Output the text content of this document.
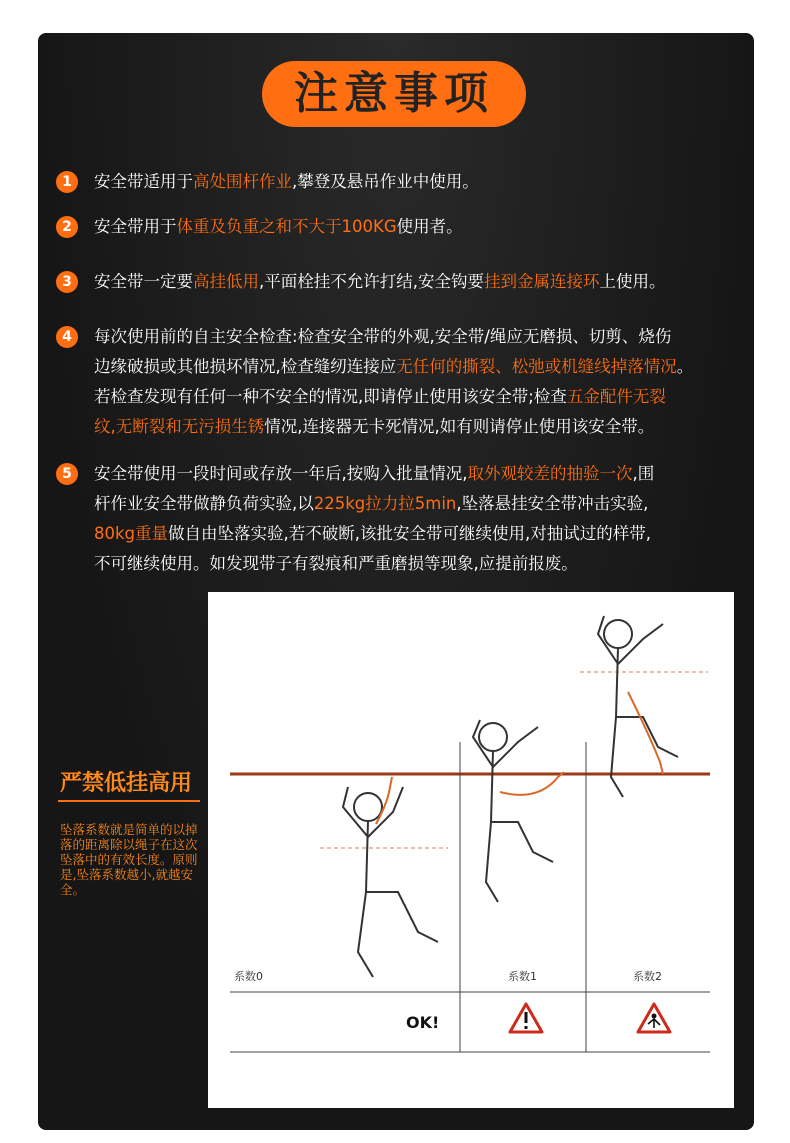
注意事项
1	安全带适用于高处围杆作业,攀登及悬吊作业中使用。
2	安全带用于体重及负重之和不大于100KG使用者。
3	安全带一定要高挂低用,平面栓挂不允许打结,安全钩要挂到金属连接环上使用。
4	每次使用前的自主安全检查:检查安全带的外观,安全带/绳应无磨损、切剪、烧伤
边缘破损或其他损坏情况,检查缝纫连接应无任何的撕裂、松弛或机缝线掉落情况。
若检查发现有任何一种不安全的情况,即请停止使用该安全带;检查五金配件无裂
纹,无断裂和无污损生锈情况,连接器无卡死情况,如有则请停止使用该安全带。
5	安全带使用一段时间或存放一年后,按购入批量情况,取外观较差的抽验一次,围
杆作业安全带做静负荷实验,以225kg拉力拉5min,坠落悬挂安全带冲击实验,
80kg重量做自由坠落实验,若不破断,该批安全带可继续使用,对抽试过的样带,
不可继续使用。如发现带子有裂痕和严重磨损等现象,应提前报废。
严禁低挂高用
坠落系数就是简单的以掉落的距离除以绳子在这次坠落中的有效长度。原则是,坠落系数越小,就越安全。
系数0	系数1	系数2
OK!
